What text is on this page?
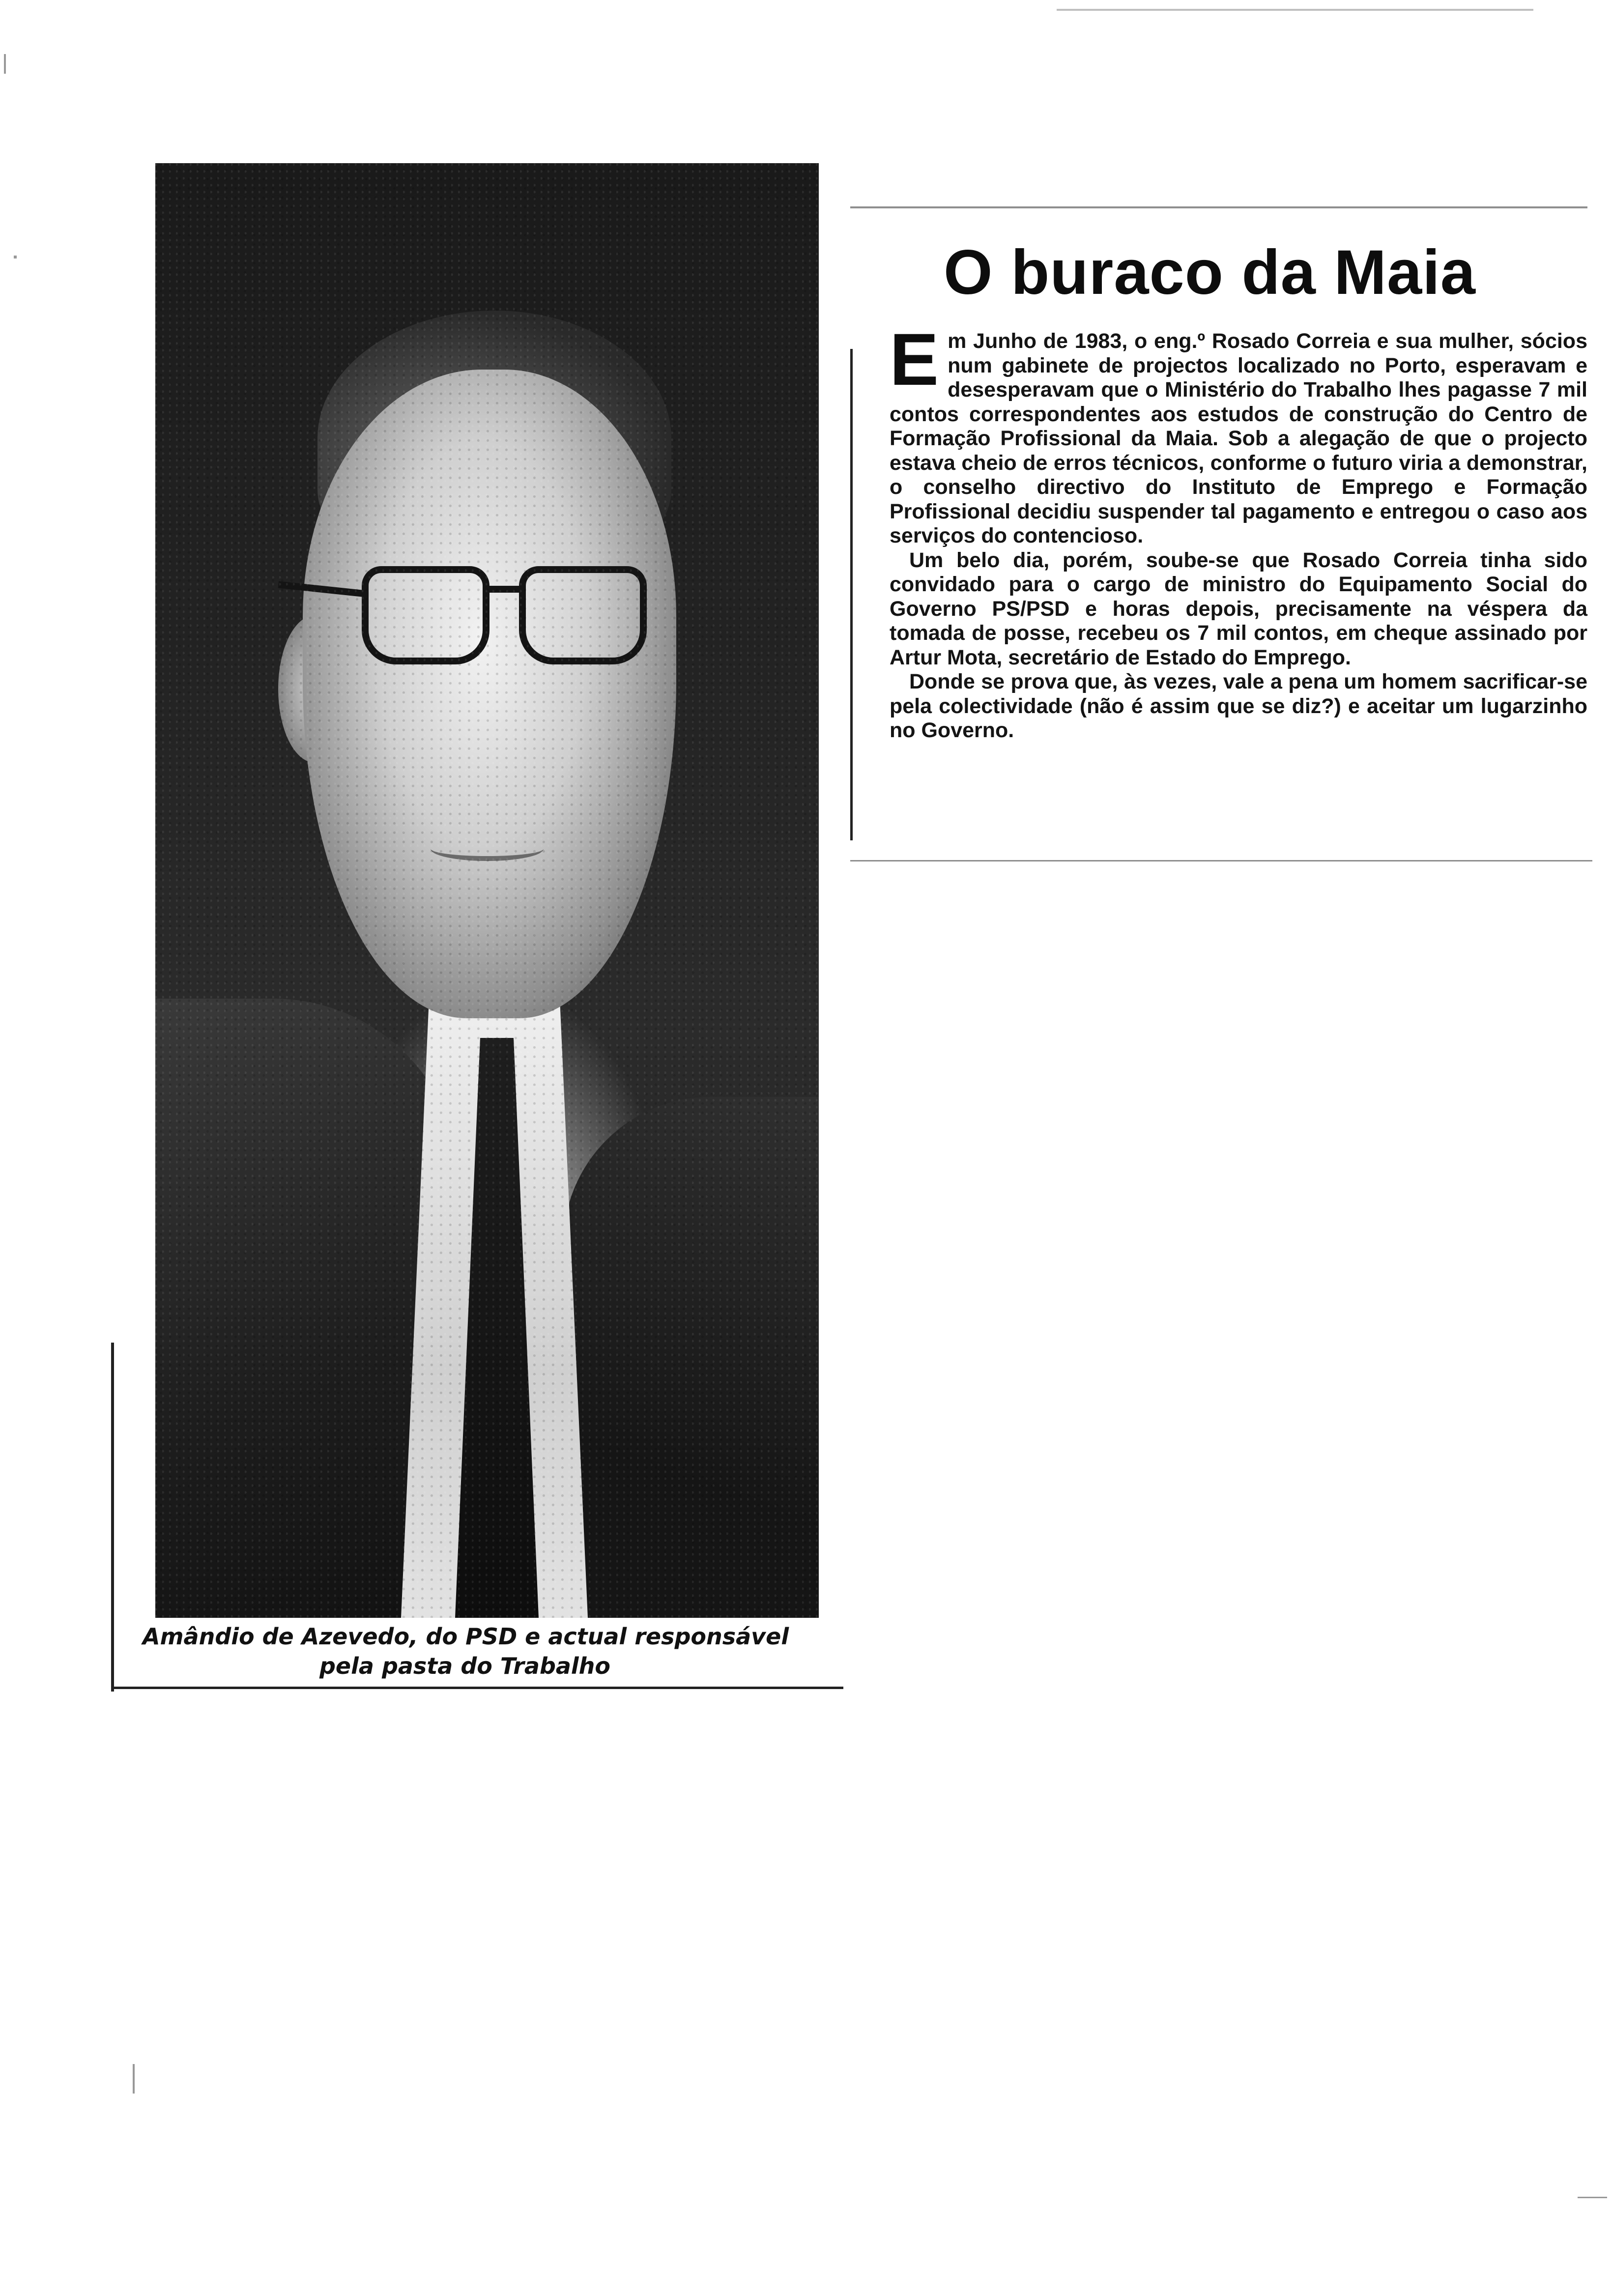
Amândio de Azevedo, do PSD e actual responsável
pela pasta do Trabalho
O buraco da Maia

Em Junho de 1983, o eng.º Rosado Correia e sua mulher, sócios num gabinete de projectos localizado no Porto, esperavam e desesperavam que o Ministério do Trabalho lhes pagasse 7 mil contos correspondentes aos estudos de construção do Centro de Formação Profissional da Maia. Sob a alegação de que o projecto estava cheio de erros técnicos, conforme o futuro viria a demonstrar, o conselho directivo do Instituto de Emprego e Formação Profissional decidiu suspender tal pagamento e entregou o caso aos serviços do contencioso.

Um belo dia, porém, soube-se que Rosado Correia tinha sido convidado para o cargo de ministro do Equipamento Social do Governo PS/PSD e horas depois, precisamente na véspera da tomada de posse, recebeu os 7 mil contos, em cheque assinado por Artur Mota, secretário de Estado do Emprego.

Donde se prova que, às vezes, vale a pena um homem sacrificar-se pela colectividade (não é assim que se diz?) e aceitar um lugarzinho no Governo.
